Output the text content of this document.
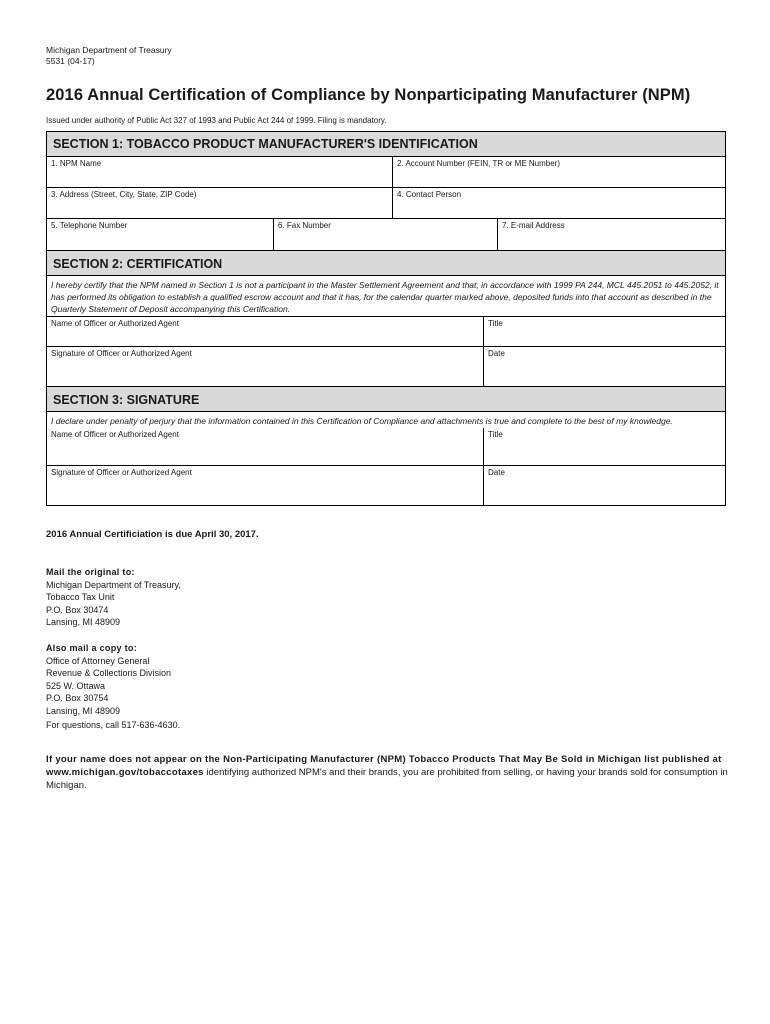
Michigan Department of Treasury
5531 (04-17)
2016 Annual Certification of Compliance by Nonparticipating Manufacturer (NPM)
Issued under authority of Public Act 327 of 1993 and Public Act 244 of 1999. Filing is mandatory.
SECTION 1: TOBACCO PRODUCT MANUFACTURER'S IDENTIFICATION
1. NPM Name	2. Account Number (FEIN, TR or ME Number)
3. Address (Street, City, State, ZIP Code)	4. Contact Person
5. Telephone Number	6. Fax Number	7. E-mail Address
SECTION 2: CERTIFICATION
I hereby certify that the NPM named in Section 1 is not a participant in the Master Settlement Agreement and that, in accordance with 1999 PA 244, MCL 445.2051 to 445.2052, it has performed its obligation to establish a qualified escrow account and that it has, for the calendar quarter marked above, deposited funds into that account as described in the Quarterly Statement of Deposit accompanying this Certification.
Name of Officer or Authorized Agent	Title
Signature of Officer or Authorized Agent	Date
SECTION 3: SIGNATURE
I declare under penalty of perjury that the information contained in this Certification of Compliance and attachments is true and complete to the best of my knowledge.
Name of Officer or Authorized Agent	Title
Signature of Officer or Authorized Agent	Date
2016 Annual Certificiation is due April 30, 2017.
Mail the original to:
Michigan Department of Treasury,
Tobacco Tax Unit
P.O. Box 30474
Lansing, MI 48909
Also mail a copy to:
Office of Attorney General
Revenue & Collections Division
525 W. Ottawa
P.O. Box 30754
Lansing, MI 48909
For questions, call 517-636-4630.
If your name does not appear on the Non-Participating Manufacturer (NPM) Tobacco Products That May Be Sold in Michigan list published at www.michigan.gov/tobaccotaxes identifying authorized NPM's and their brands, you are prohibited from selling, or having your brands sold for consumption in Michigan.
